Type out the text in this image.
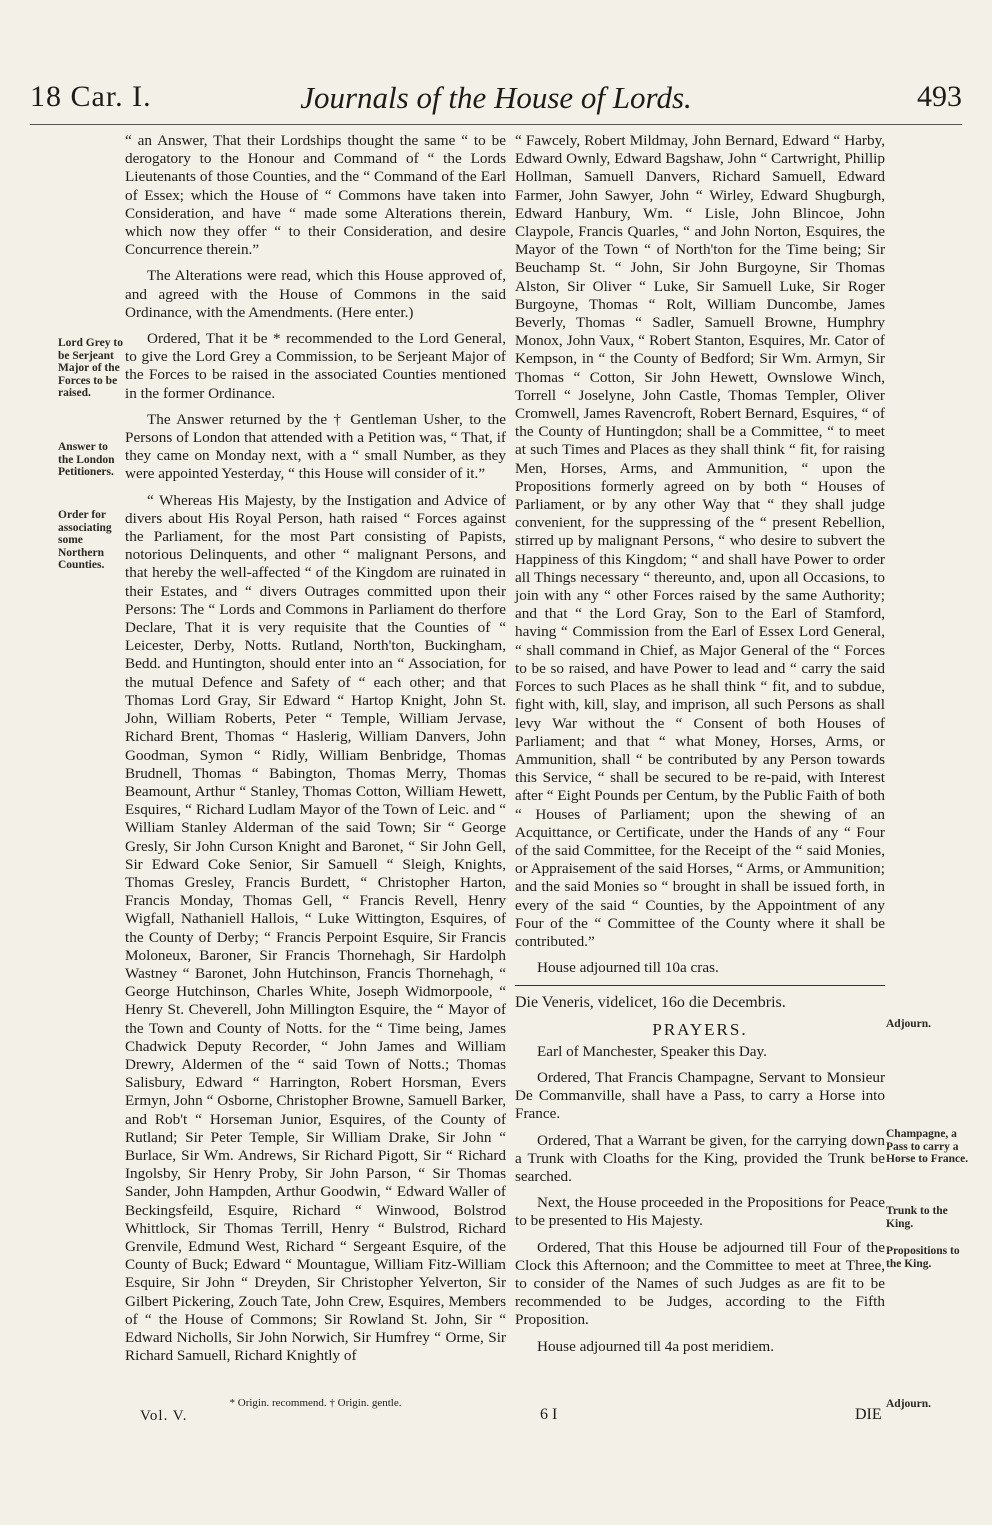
18 Car. I.	Journals of the House of Lords.	493
Lord Grey to be Serjeant Major of the Forces to be raised.
Answer to the London Petitioners.
Order for associating some Northern Counties.

“ an Answer, That their Lordships thought the same “ to be derogatory to the Honour and Command of “ the Lords Lieutenants of those Counties, and the “ Command of the Earl of Essex; which the House of “ Commons have taken into Consideration, and have “ made some Alterations therein, which now they offer “ to their Consideration, and desire Concurrence therein.”

The Alterations were read, which this House approved of, and agreed with the House of Commons in the said Ordinance, with the Amendments. (Here enter.)

Ordered, That it be * recommended to the Lord General, to give the Lord Grey a Commission, to be Serjeant Major of the Forces to be raised in the associated Counties mentioned in the former Ordinance.

The Answer returned by the † Gentleman Usher, to the Persons of London that attended with a Petition was, “ That, if they came on Monday next, with a “ small Number, as they were appointed Yesterday, “ this House will consider of it.”

“ Whereas His Majesty, by the Instigation and Advice of divers about His Royal Person, hath raised “ Forces against the Parliament, for the most Part consisting of Papists, notorious Delinquents, and other “ malignant Persons, and that hereby the well-affected “ of the Kingdom are ruinated in their Estates, and “ divers Outrages committed upon their Persons: The “ Lords and Commons in Parliament do therfore Declare, That it is very requisite that the Counties of “ Leicester, Derby, Notts. Rutland, North'ton, Buckingham, Bedd. and Huntington, should enter into an “ Association, for the mutual Defence and Safety of “ each other; and that Thomas Lord Gray, Sir Edward “ Hartop Knight, John St. John, William Roberts, Peter “ Temple, William Jervase, Richard Brent, Thomas “ Haslerig, William Danvers, John Goodman, Symon “ Ridly, William Benbridge, Thomas Brudnell, Thomas “ Babington, Thomas Merry, Thomas Beamount, Arthur “ Stanley, Thomas Cotton, William Hewett, Esquires, “ Richard Ludlam Mayor of the Town of Leic. and “ William Stanley Alderman of the said Town; Sir “ George Gresly, Sir John Curson Knight and Baronet, “ Sir John Gell, Sir Edward Coke Senior, Sir Samuell “ Sleigh, Knights, Thomas Gresley, Francis Burdett, “ Christopher Harton, Francis Monday, Thomas Gell, “ Francis Revell, Henry Wigfall, Nathaniell Hallois, “ Luke Wittington, Esquires, of the County of Derby; “ Francis Perpoint Esquire, Sir Francis Moloneux, Baroner, Sir Francis Thornehagh, Sir Hardolph Wastney “ Baronet, John Hutchinson, Francis Thornehagh, “ George Hutchinson, Charles White, Joseph Widmorpoole, “ Henry St. Cheverell, John Millington Esquire, the “ Mayor of the Town and County of Notts. for the “ Time being, James Chadwick Deputy Recorder, “ John James and William Drewry, Aldermen of the “ said Town of Notts.; Thomas Salisbury, Edward “ Harrington, Robert Horsman, Evers Ermyn, John “ Osborne, Christopher Browne, Samuell Barker, and Rob't “ Horseman Junior, Esquires, of the County of Rutland; Sir Peter Temple, Sir William Drake, Sir John “ Burlace, Sir Wm. Andrews, Sir Richard Pigott, Sir “ Richard Ingolsby, Sir Henry Proby, Sir John Parson, “ Sir Thomas Sander, John Hampden, Arthur Goodwin, “ Edward Waller of Beckingsfeild, Esquire, Richard “ Winwood, Bolstrod Whittlock, Sir Thomas Terrill, Henry “ Bulstrod, Richard Grenvile, Edmund West, Richard “ Sergeant Esquire, of the County of Buck; Edward “ Mountague, William Fitz-William Esquire, Sir John “ Dreyden, Sir Christopher Yelverton, Sir Gilbert Pickering, Zouch Tate, John Crew, Esquires, Members of “ the House of Commons; Sir Rowland St. John, Sir “ Edward Nicholls, Sir John Norwich, Sir Humfrey “ Orme, Sir Richard Samuell, Richard Knightly of

“ Fawcely, Robert Mildmay, John Bernard, Edward “ Harby, Edward Ownly, Edward Bagshaw, John “ Cartwright, Phillip Hollman, Samuell Danvers, Richard Samuell, Edward Farmer, John Sawyer, John “ Wirley, Edward Shugburgh, Edward Hanbury, Wm. “ Lisle, John Blincoe, John Claypole, Francis Quarles, “ and John Norton, Esquires, the Mayor of the Town “ of North'ton for the Time being; Sir Beuchamp St. “ John, Sir John Burgoyne, Sir Thomas Alston, Sir Oliver “ Luke, Sir Samuell Luke, Sir Roger Burgoyne, Thomas “ Rolt, William Duncombe, James Beverly, Thomas “ Sadler, Samuell Browne, Humphry Monox, John Vaux, “ Robert Stanton, Esquires, Mr. Cator of Kempson, in “ the County of Bedford; Sir Wm. Armyn, Sir Thomas “ Cotton, Sir John Hewett, Ownslowe Winch, Torrell “ Joselyne, John Castle, Thomas Templer, Oliver Cromwell, James Ravencroft, Robert Bernard, Esquires, “ of the County of Huntingdon; shall be a Committee, “ to meet at such Times and Places as they shall think “ fit, for raising Men, Horses, Arms, and Ammunition, “ upon the Propositions formerly agreed on by both “ Houses of Parliament, or by any other Way that “ they shall judge convenient, for the suppressing of the “ present Rebellion, stirred up by malignant Persons, “ who desire to subvert the Happiness of this Kingdom; “ and shall have Power to order all Things necessary “ thereunto, and, upon all Occasions, to join with any “ other Forces raised by the same Authority; and that “ the Lord Gray, Son to the Earl of Stamford, having “ Commission from the Earl of Essex Lord General, “ shall command in Chief, as Major General of the “ Forces to be so raised, and have Power to lead and “ carry the said Forces to such Places as he shall think “ fit, and to subdue, fight with, kill, slay, and imprison, all such Persons as shall levy War without the “ Consent of both Houses of Parliament; and that “ what Money, Horses, Arms, or Ammunition, shall “ be contributed by any Person towards this Service, “ shall be secured to be re-paid, with Interest after “ Eight Pounds per Centum, by the Public Faith of both “ Houses of Parliament; upon the shewing of an Acquittance, or Certificate, under the Hands of any “ Four of the said Committee, for the Receipt of the “ said Monies, or Appraisement of the said Horses, “ Arms, or Ammunition; and the said Monies so “ brought in shall be issued forth, in every of the said “ Counties, by the Appointment of any Four of the “ Committee of the County where it shall be contributed.”

House adjourned till 10a cras.

Die Veneris, videlicet, 16o die Decembris.

PRAYERS.

Earl of Manchester, Speaker this Day.

Ordered, That Francis Champagne, Servant to Monsieur De Commanville, shall have a Pass, to carry a Horse into France.

Ordered, That a Warrant be given, for the carrying down a Trunk with Cloaths for the King, provided the Trunk be searched.

Next, the House proceeded in the Propositions for Peace to be presented to His Majesty.

Ordered, That this House be adjourned till Four of the Clock this Afternoon; and the Committee to meet at Three, to consider of the Names of such Judges as are fit to be recommended to be Judges, according to the Fifth Proposition.

House adjourned till 4a post meridiem.

Adjourn.
Champagne, a Pass to carry a Horse to France.
Trunk to the King.
Propositions to the King.
Adjourn.
* Origin. recommend. † Origin. gentle.
Vol. V.	6 I	DIE
